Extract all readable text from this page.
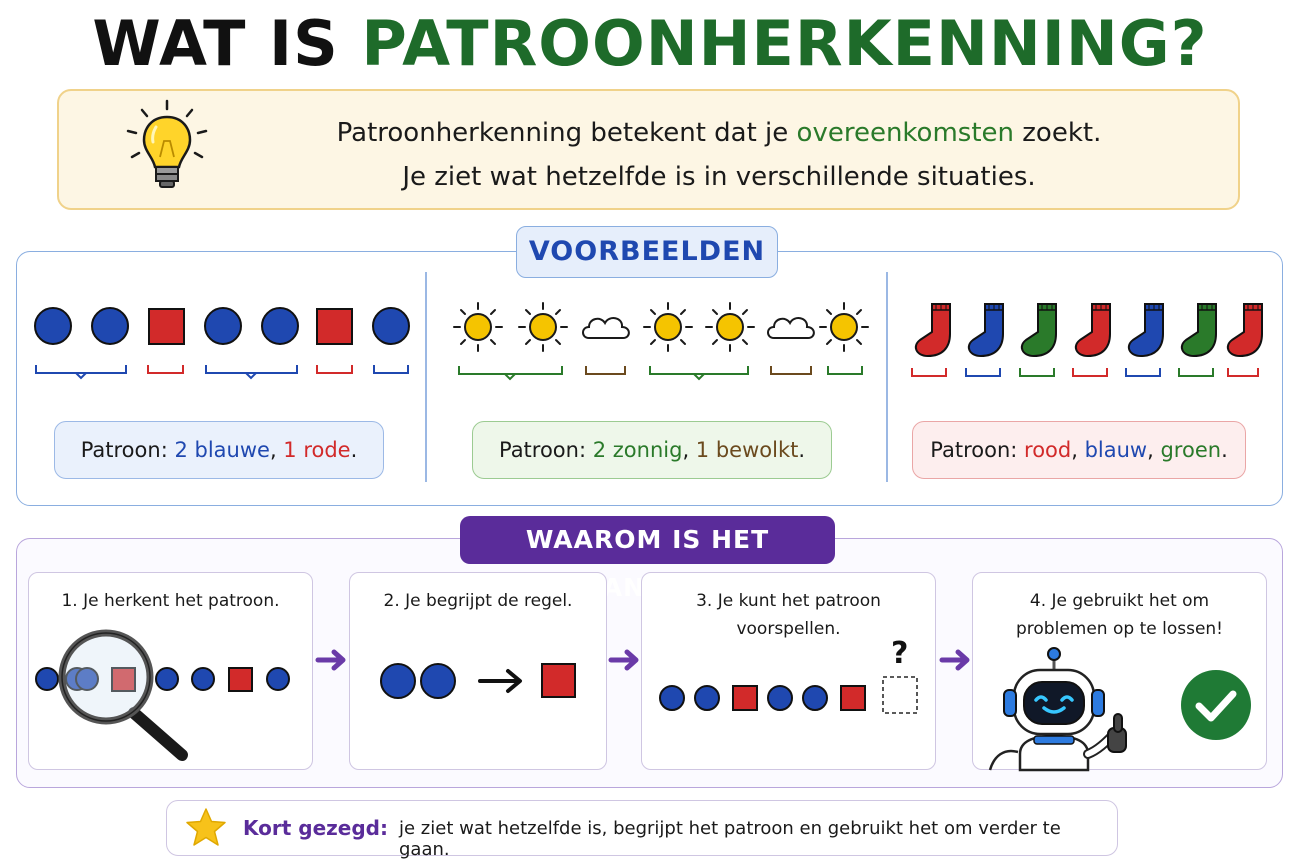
WAT IS PATROONHERKENNING?
Patroonherkenning betekent dat je overeenkomsten zoekt.
Je ziet wat hetzelfde is in verschillende situaties.
VOORBEELDEN
Patroon: 2 blauwe, 1 rode.	Patroon: 2 zonnig, 1 bewolkt.	Patroon: rood, blauw, groen.
WAAROM IS HET
1. Je herkent het patroon.	2. Je begrijpt de regel.	3. Je kunt het patroon
voorspellen.
?
4. Je gebruikt het om
problemen op te lossen!
Kort gezegd: je ziet wat hetzelfde is, begrijpt het patroon en gebruikt het om verder te gaan.
